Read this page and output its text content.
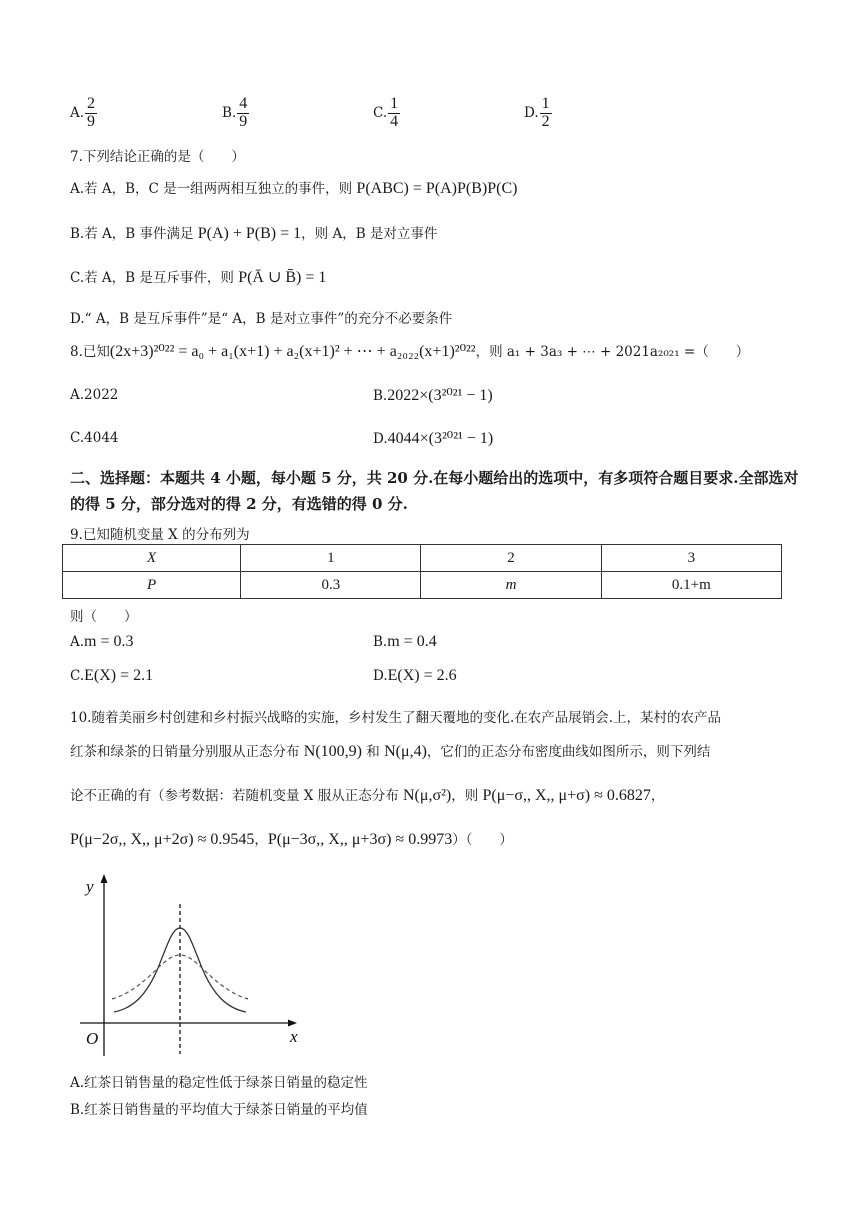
A. $\frac{2}{9}$	B. $\frac{4}{9}$	C. $\frac{1}{4}$	D. $\frac{1}{2}$
7.下列结论正确的是（　　）
A.若 A，B，C 是一组两两相互独立的事件，则 P(ABC) = P(A)P(B)P(C)
B.若 A，B 事件满足 P(A) + P(B) = 1，则 A，B 是对立事件
C.若 A，B 是互斥事件，则 P(Ā ∪ B̄) = 1
D.“ A，B 是互斥事件”是“ A，B 是对立事件”的充分不必要条件
8.已知(2x+3)²⁰²² = a₀ + a₁(x+1) + a₂(x+1)² + ⋯ + a₂₀₂₂(x+1)²⁰²²，则 a₁ + 3a₃ + ⋯ + 2021a₂₀₂₁ =（　　）
A.2022	B.2022×(3²⁰²¹ − 1)
C.4044	D.4044×(3²⁰²¹ − 1)
二、选择题：本题共 4 小题，每小题 5 分，共 20 分.在每小题给出的选项中，有多项符合题目要求.全部选对的得 5 分，部分选对的得 2 分，有选错的得 0 分.
9.已知随机变量 X 的分布列为
X	1	2	3
P	0.3	m	0.1+m
则（　　）
A.m = 0.3	B.m = 0.4
C.E(X) = 2.1	D.E(X) = 2.6
10.随着美丽乡村创建和乡村振兴战略的实施，乡村发生了翻天覆地的变化.在农产品展销会.上，某村的农产品
红茶和绿茶的日销量分别服从正态分布 N(100,9) 和 N(μ,4)，它们的正态分布密度曲线如图所示，则下列结
论不正确的有（参考数据：若随机变量 X 服从正态分布 N(μ,σ²)，则 P(μ−σ,, X,, μ+σ) ≈ 0.6827，
P(μ−2σ,, X,, μ+2σ) ≈ 0.9545，P(μ−3σ,, X,, μ+3σ) ≈ 0.9973）（　　）
y
x
O
A.红茶日销售量的稳定性低于绿茶日销量的稳定性
B.红茶日销售量的平均值大于绿茶日销量的平均值
